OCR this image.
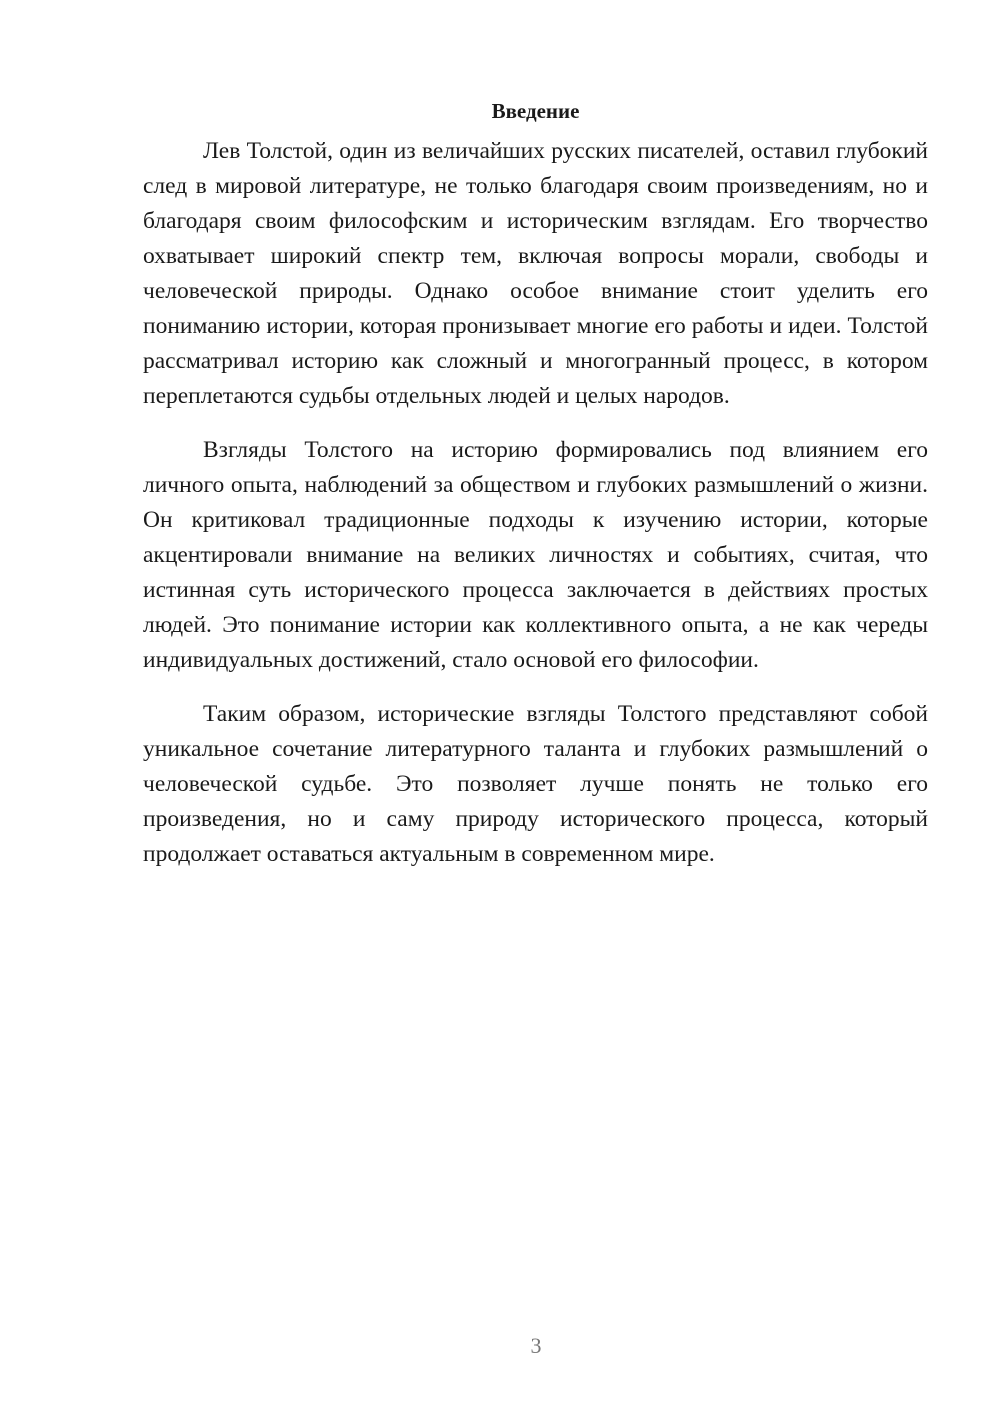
Введение

Лев Толстой, один из величайших русских писателей, оставил глубокий след в мировой литературе, не только благодаря своим произведениям, но и благодаря своим философским и историческим взглядам. Его творчество охватывает широкий спектр тем, включая вопросы морали, свободы и человеческой природы. Однако особое внимание стоит уделить его пониманию истории, которая пронизывает многие его работы и идеи. Толстой рассматривал историю как сложный и многогранный процесс, в котором переплетаются судьбы отдельных людей и целых народов.

Взгляды Толстого на историю формировались под влиянием его личного опыта, наблюдений за обществом и глубоких размышлений о жизни. Он критиковал традиционные подходы к изучению истории, которые акцентировали внимание на великих личностях и событиях, считая, что истинная суть исторического процесса заключается в действиях простых людей. Это понимание истории как коллективного опыта, а не как череды индивидуальных достижений, стало основой его философии.

Таким образом, исторические взгляды Толстого представляют собой уникальное сочетание литературного таланта и глубоких размышлений о человеческой судьбе. Это позволяет лучше понять не только его произведения, но и саму природу исторического процесса, который продолжает оставаться актуальным в современном мире.

3
